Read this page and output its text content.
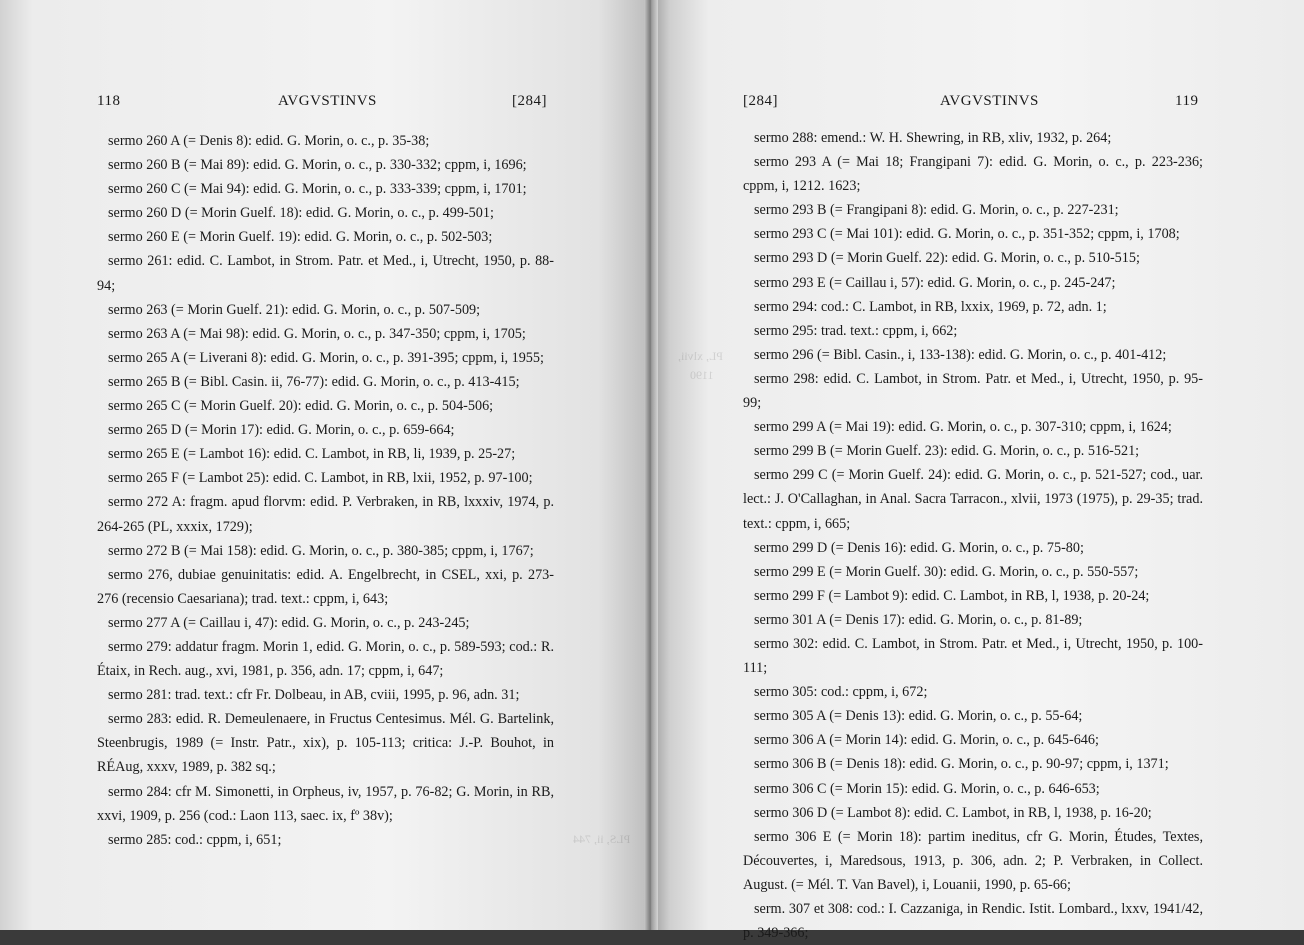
PLS, ii, 744
118	AVGVSTINVS	[284]

sermo 260 A (= Denis 8): edid. G. Morin, o. c., p. 35-38;

sermo 260 B (= Mai 89): edid. G. Morin, o. c., p. 330-332; cppm, i, 1696;

sermo 260 C (= Mai 94): edid. G. Morin, o. c., p. 333-339; cppm, i, 1701;

sermo 260 D (= Morin Guelf. 18): edid. G. Morin, o. c., p. 499-501;

sermo 260 E (= Morin Guelf. 19): edid. G. Morin, o. c., p. 502-503;

sermo 261: edid. C. Lambot, in Strom. Patr. et Med., i, Utrecht, 1950, p. 88-94;

sermo 263 (= Morin Guelf. 21): edid. G. Morin, o. c., p. 507-509;

sermo 263 A (= Mai 98): edid. G. Morin, o. c., p. 347-350; cppm, i, 1705;

sermo 265 A (= Liverani 8): edid. G. Morin, o. c., p. 391-395; cppm, i, 1955;

sermo 265 B (= Bibl. Casin. ii, 76-77): edid. G. Morin, o. c., p. 413-415;

sermo 265 C (= Morin Guelf. 20): edid. G. Morin, o. c., p. 504-506;

sermo 265 D (= Morin 17): edid. G. Morin, o. c., p. 659-664;

sermo 265 E (= Lambot 16): edid. C. Lambot, in RB, li, 1939, p. 25-27;

sermo 265 F (= Lambot 25): edid. C. Lambot, in RB, lxii, 1952, p. 97-100;

sermo 272 A: fragm. apud florvm: edid. P. Verbraken, in RB, lxxxiv, 1974, p. 264-265 (PL, xxxix, 1729);

sermo 272 B (= Mai 158): edid. G. Morin, o. c., p. 380-385; cppm, i, 1767;

sermo 276, dubiae genuinitatis: edid. A. Engelbrecht, in CSEL, xxi, p. 273-276 (recensio Caesariana); trad. text.: cppm, i, 643;

sermo 277 A (= Caillau i, 47): edid. G. Morin, o. c., p. 243-245;

sermo 279: addatur fragm. Morin 1, edid. G. Morin, o. c., p. 589-593; cod.: R. Étaix, in Rech. aug., xvi, 1981, p. 356, adn. 17; cppm, i, 647;

sermo 281: trad. text.: cfr Fr. Dolbeau, in AB, cviii, 1995, p. 96, adn. 31;

sermo 283: edid. R. Demeulenaere, in Fructus Centesimus. Mél. G. Bartelink, Steenbrugis, 1989 (= Instr. Patr., xix), p. 105-113; critica: J.-P. Bouhot, in RÉAug, xxxv, 1989, p. 382 sq.;

sermo 284: cfr M. Simonetti, in Orpheus, iv, 1957, p. 76-82; G. Morin, in RB, xxvi, 1909, p. 256 (cod.: Laon 113, saec. ix, fº 38v);

sermo 285: cod.: cppm, i, 651;

PL, xlvii,
1190
[284]	AVGVSTINVS	119

sermo 288: emend.: W. H. Shewring, in RB, xliv, 1932, p. 264;

sermo 293 A (= Mai 18; Frangipani 7): edid. G. Morin, o. c., p. 223-236; cppm, i, 1212. 1623;

sermo 293 B (= Frangipani 8): edid. G. Morin, o. c., p. 227-231;

sermo 293 C (= Mai 101): edid. G. Morin, o. c., p. 351-352; cppm, i, 1708;

sermo 293 D (= Morin Guelf. 22): edid. G. Morin, o. c., p. 510-515;

sermo 293 E (= Caillau i, 57): edid. G. Morin, o. c., p. 245-247;

sermo 294: cod.: C. Lambot, in RB, lxxix, 1969, p. 72, adn. 1;

sermo 295: trad. text.: cppm, i, 662;

sermo 296 (= Bibl. Casin., i, 133-138): edid. G. Morin, o. c., p. 401-412;

sermo 298: edid. C. Lambot, in Strom. Patr. et Med., i, Utrecht, 1950, p. 95-99;

sermo 299 A (= Mai 19): edid. G. Morin, o. c., p. 307-310; cppm, i, 1624;

sermo 299 B (= Morin Guelf. 23): edid. G. Morin, o. c., p. 516-521;

sermo 299 C (= Morin Guelf. 24): edid. G. Morin, o. c., p. 521-527; cod., uar. lect.: J. O'Callaghan, in Anal. Sacra Tarracon., xlvii, 1973 (1975), p. 29-35; trad. text.: cppm, i, 665;

sermo 299 D (= Denis 16): edid. G. Morin, o. c., p. 75-80;

sermo 299 E (= Morin Guelf. 30): edid. G. Morin, o. c., p. 550-557;

sermo 299 F (= Lambot 9): edid. C. Lambot, in RB, l, 1938, p. 20-24;

sermo 301 A (= Denis 17): edid. G. Morin, o. c., p. 81-89;

sermo 302: edid. C. Lambot, in Strom. Patr. et Med., i, Utrecht, 1950, p. 100-111;

sermo 305: cod.: cppm, i, 672;

sermo 305 A (= Denis 13): edid. G. Morin, o. c., p. 55-64;

sermo 306 A (= Morin 14): edid. G. Morin, o. c., p. 645-646;

sermo 306 B (= Denis 18): edid. G. Morin, o. c., p. 90-97; cppm, i, 1371;

sermo 306 C (= Morin 15): edid. G. Morin, o. c., p. 646-653;

sermo 306 D (= Lambot 8): edid. C. Lambot, in RB, l, 1938, p. 16-20;

sermo 306 E (= Morin 18): partim ineditus, cfr G. Morin, Études, Textes, Découvertes, i, Maredsous, 1913, p. 306, adn. 2; P. Verbraken, in Collect. August. (= Mél. T. Van Bavel), i, Louanii, 1990, p. 65-66;

serm. 307 et 308: cod.: I. Cazzaniga, in Rendic. Istit. Lombard., lxxv, 1941/42, p. 349-366;
